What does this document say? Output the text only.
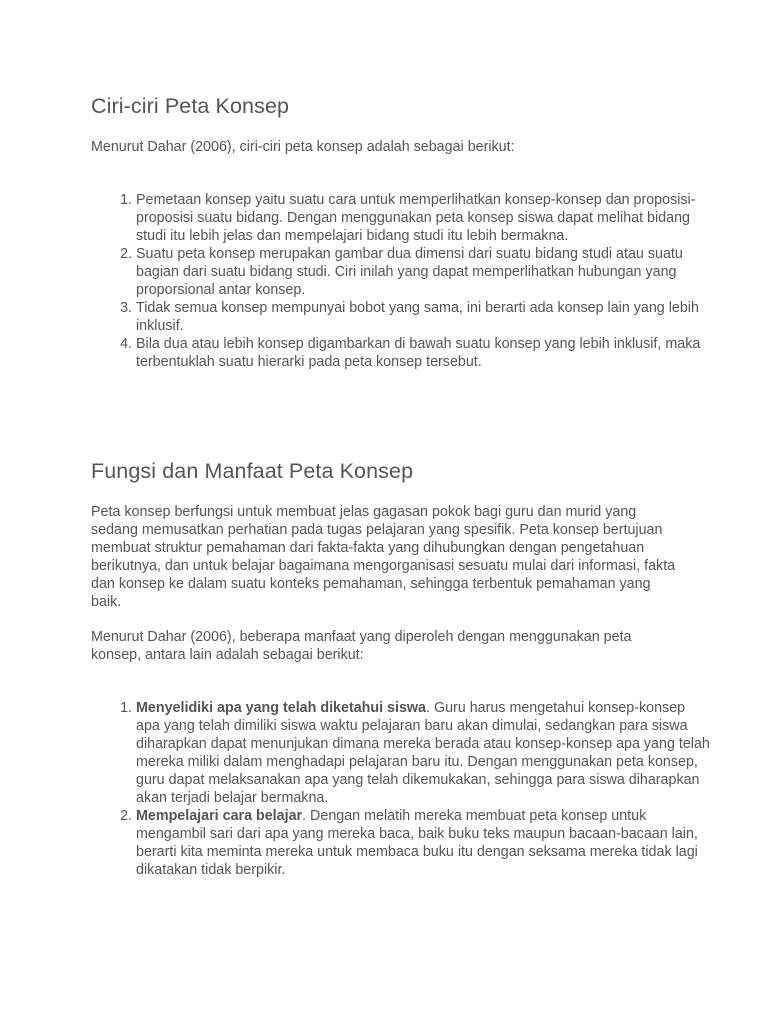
Ciri-ciri Peta Konsep

Menurut Dahar (2006), ciri-ciri peta konsep adalah sebagai berikut:

1. Pemetaan konsep yaitu suatu cara untuk memperlihatkan konsep-konsep dan proposisi-proposisi suatu bidang. Dengan menggunakan peta konsep siswa dapat melihat bidang studi itu lebih jelas dan mempelajari bidang studi itu lebih bermakna.
2. Suatu peta konsep merupakan gambar dua dimensi dari suatu bidang studi atau suatu bagian dari suatu bidang studi. Ciri inilah yang dapat memperlihatkan hubungan yang proporsional antar konsep.
3. Tidak semua konsep mempunyai bobot yang sama, ini berarti ada konsep lain yang lebih inklusif.
4. Bila dua atau lebih konsep digambarkan di bawah suatu konsep yang lebih inklusif, maka terbentuklah suatu hierarki pada peta konsep tersebut.
Fungsi dan Manfaat Peta Konsep

Peta konsep berfungsi untuk membuat jelas gagasan pokok bagi guru dan murid yang sedang memusatkan perhatian pada tugas pelajaran yang spesifik. Peta konsep bertujuan membuat struktur pemahaman dari fakta-fakta yang dihubungkan dengan pengetahuan berikutnya, dan untuk belajar bagaimana mengorganisasi sesuatu mulai dari informasi, fakta dan konsep ke dalam suatu konteks pemahaman, sehingga terbentuk pemahaman yang baik.

Menurut Dahar (2006), beberapa manfaat yang diperoleh dengan menggunakan peta konsep, antara lain adalah sebagai berikut:

1. Menyelidiki apa yang telah diketahui siswa. Guru harus mengetahui konsep-konsep apa yang telah dimiliki siswa waktu pelajaran baru akan dimulai, sedangkan para siswa diharapkan dapat menunjukan dimana mereka berada atau konsep-konsep apa yang telah mereka miliki dalam menghadapi pelajaran baru itu. Dengan menggunakan peta konsep, guru dapat melaksanakan apa yang telah dikemukakan, sehingga para siswa diharapkan akan terjadi belajar bermakna.
2. Mempelajari cara belajar. Dengan melatih mereka membuat peta konsep untuk mengambil sari dari apa yang mereka baca, baik buku teks maupun bacaan-bacaan lain, berarti kita meminta mereka untuk membaca buku itu dengan seksama mereka tidak lagi dikatakan tidak berpikir.
